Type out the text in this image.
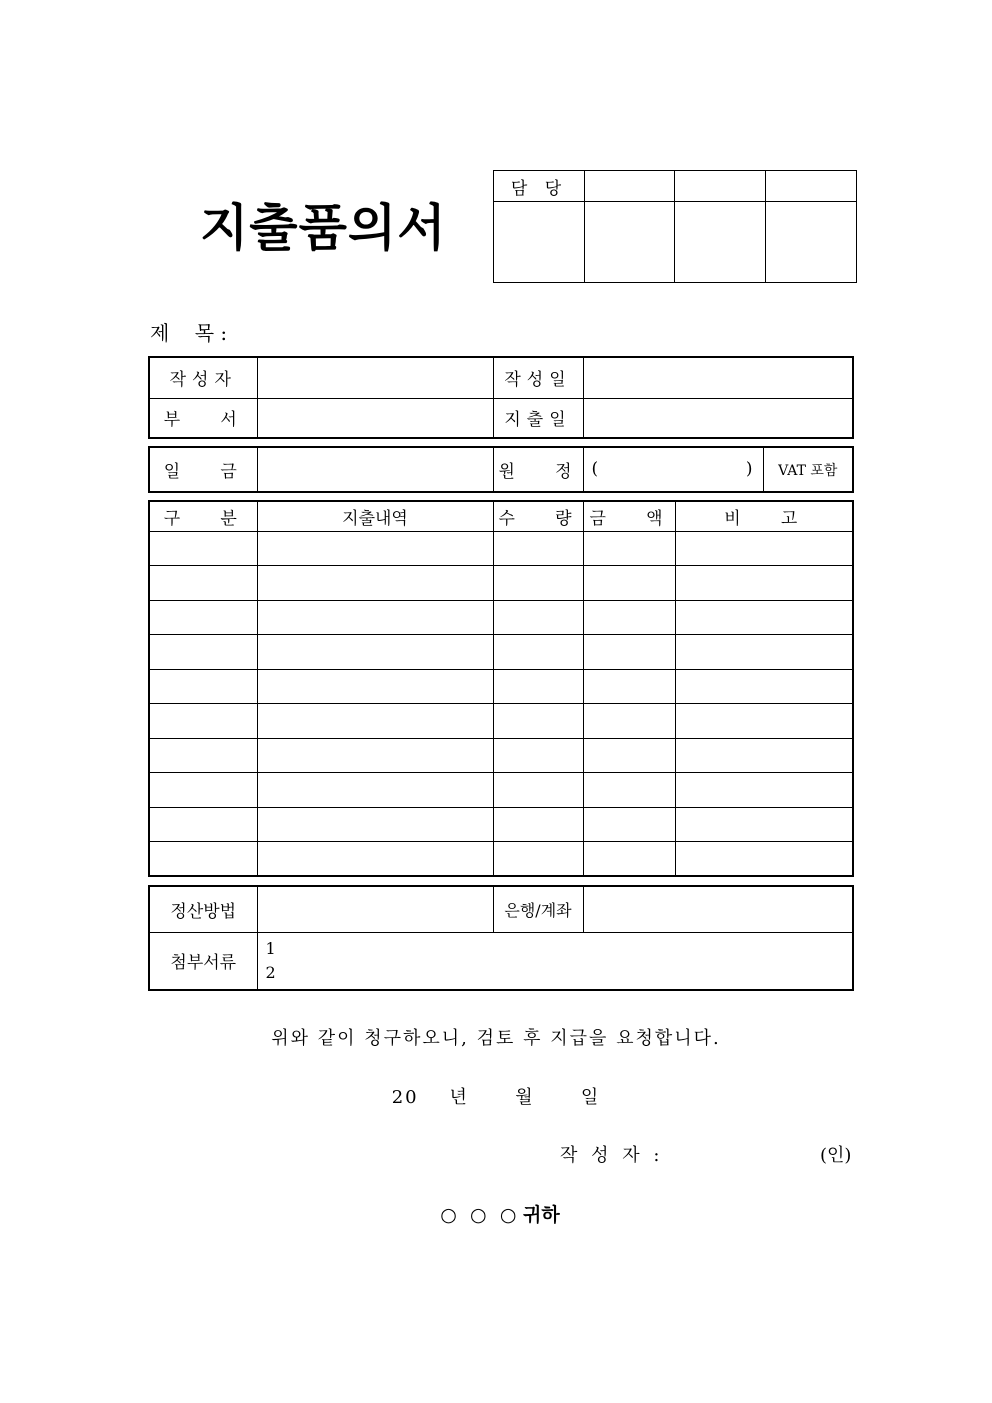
지출품의서
담 당			

제    목 :
작성자		작성일	
부   서		지출일	
일   금		원   정	(	)	VAT 포함
구   분	지출내역	수   량	금   액	비   고

정산방법		은행/계좌	
첨부서류	1
2		
위와 같이 청구하오니, 검토 후 지급을 요청합니다.
20    년      월      일
작 성 자 :	(인)
○  ○  ○ 귀하
